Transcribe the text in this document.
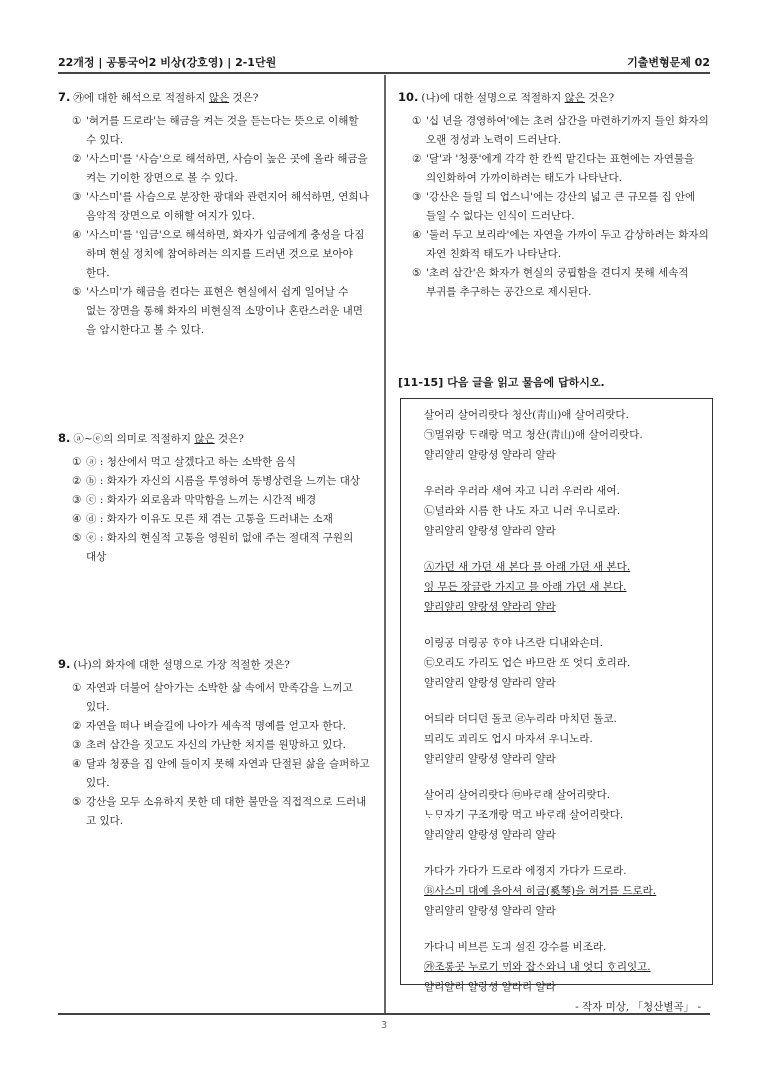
22개정 | 공통국어2 비상(강호영) | 2-1단원	기출변형문제 02
7. ㉮에 대한 해석으로 적절하지 않은 것은?
① '혀거를 드로라'는 해금을 켜는 것을 듣는다는 뜻으로 이해할
수 있다.
② '사스미'를 '사슴'으로 해석하면, 사슴이 높은 곳에 올라 해금을
켜는 기이한 장면으로 볼 수 있다.
③ '사스미'를 사슴으로 분장한 광대와 관련지어 해석하면, 연희나
음악적 장면으로 이해할 여지가 있다.
④ '사스미'를 '임금'으로 해석하면, 화자가 임금에게 충성을 다짐
하며 현실 정치에 참여하려는 의지를 드러낸 것으로 보아야
한다.
⑤ '사스미'가 해금을 켠다는 표현은 현실에서 쉽게 일어날 수
없는 장면을 통해 화자의 비현실적 소망이나 혼란스러운 내면
을 암시한다고 볼 수 있다.
8. ⓐ~ⓔ의 의미로 적절하지 않은 것은?
① ⓐ : 청산에서 먹고 살겠다고 하는 소박한 음식
② ⓑ : 화자가 자신의 시름을 투영하여 동병상련을 느끼는 대상
③ ⓒ : 화자가 외로움과 막막함을 느끼는 시간적 배경
④ ⓓ : 화자가 이유도 모른 채 겪는 고통을 드러내는 소재
⑤ ⓔ : 화자의 현실적 고통을 영원히 없애 주는 절대적 구원의
대상
9. (나)의 화자에 대한 설명으로 가장 적절한 것은?
① 자연과 더불어 살아가는 소박한 삶 속에서 만족감을 느끼고
있다.
② 자연을 떠나 벼슬길에 나아가 세속적 명예를 얻고자 한다.
③ 초려 삼간을 짓고도 자신의 가난한 처지를 원망하고 있다.
④ 달과 청풍을 집 안에 들이지 못해 자연과 단절된 삶을 슬퍼하고
있다.
⑤ 강산을 모두 소유하지 못한 데 대한 불만을 직접적으로 드러내
고 있다.
10. (나)에 대한 설명으로 적절하지 않은 것은?
① '십 년을 경영하여'에는 초려 삼간을 마련하기까지 들인 화자의
오랜 정성과 노력이 드러난다.
② '달'과 '청풍'에게 각각 한 칸씩 맡긴다는 표현에는 자연물을
의인화하여 가까이하려는 태도가 나타난다.
③ '강산은 들일 듸 업스니'에는 강산의 넓고 큰 규모를 집 안에
들일 수 없다는 인식이 드러난다.
④ '둘러 두고 보리라'에는 자연을 가까이 두고 감상하려는 화자의
자연 친화적 태도가 나타난다.
⑤ '초려 삼간'은 화자가 현실의 궁핍함을 견디지 못해 세속적
부귀를 추구하는 공간으로 제시된다.
[11-15] 다음 글을 읽고 물음에 답하시오.
살어리 살어리랏다 청산(靑山)애 살어리랏다.
㉠멀위랑 ᄃᆞ래랑 먹고 청산(靑山)애 살어리랏다.
얄리얄리 얄랑셩 얄라리 얄라
우러라 우러라 새여 자고 니러 우러라 새여.
㉡널라와 시름 한 나도 자고 니러 우니로라.
얄리얄리 얄랑셩 얄라리 얄라
Ⓐ가던 새 가던 새 본다 믈 아래 가던 새 본다.
잉 무든 장글란 가지고 믈 아래 가던 새 본다.
얄리얄리 얄랑셩 얄라리 얄라
이링공 뎌링공 ᄒᆞ야 나즈란 디내와손뎌.
㉢오리도 가리도 업슨 바므란 ᄯᅩ 엇디 호리라.
얄리얄리 얄랑셩 얄라리 얄라
어듸라 더디던 돌코 ㉣누리라 마치던 돌코.
믜리도 괴리도 업시 마자셔 우니노라.
얄리얄리 얄랑셩 얄라리 얄라
살어리 살어리랏다 ㉤바ᄅᆞ래 살어리랏다.
ᄂᆞᄆᆞ자기 구조개랑 먹고 바ᄅᆞ래 살어리랏다.
얄리얄리 얄랑셩 얄라리 얄라
가다가 가다가 드로라 에졍지 가다가 드로라.
Ⓑ사스미 대예 올아셔 히금(奚琴)을 혀거를 드로라.
얄리얄리 얄랑셩 얄라리 얄라
가다니 비브른 도긔 설진 강수를 비조라.
㉮조롱곳 누로기 ᄆᆡ와 잡ᄉᆞ와니 내 엇디 ᄒᆞ리잇고.
얄리얄리 얄랑셩 얄라리 얄라
- 작자 미상, 「청산별곡」 -
3
